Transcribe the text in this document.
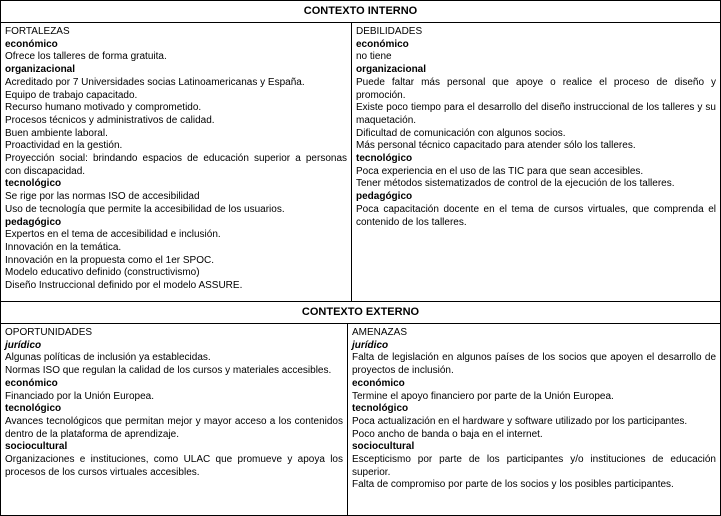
CONTEXTO INTERNO

FORTALEZAS

económico

Ofrece los talleres de forma gratuita.

organizacional

Acreditado por 7 Universidades socias Latinoamericanas y España.

Equipo de trabajo capacitado.

Recurso humano motivado y comprometido.

Procesos técnicos y administrativos de calidad.

Buen ambiente laboral.

Proactividad en la gestión.

Proyección social: brindando espacios de educación superior a personas con discapacidad.

tecnológico

Se rige por las normas ISO de accesibilidad

Uso de tecnología que permite la accesibilidad de los usuarios.

pedagógico

Expertos en el tema de accesibilidad e inclusión.

Innovación en la temática.

Innovación en la propuesta como el 1er SPOC.

Modelo educativo definido (constructivismo)

Diseño Instruccional definido por el modelo ASSURE.

DEBILIDADES

económico

no tiene

organizacional

Puede faltar más personal que apoye o realice el proceso de diseño y promoción.

Existe poco tiempo para el desarrollo del diseño instruccional de los talleres y su maquetación.

Dificultad de comunicación con algunos socios.

Más personal técnico capacitado para atender sólo los talleres.

tecnológico

Poca experiencia en el uso de las TIC para que sean accesibles.

Tener métodos sistematizados de control de la ejecución de los talleres.

pedagógico

Poca capacitación docente en el tema de cursos virtuales, que comprenda el contenido de los talleres.

CONTEXTO EXTERNO

OPORTUNIDADES

jurídico

Algunas políticas de inclusión ya establecidas.

Normas ISO que regulan la calidad de los cursos y materiales accesibles.

económico

Financiado por la Unión Europea.

tecnológico

Avances tecnológicos que permitan mejor y mayor acceso a los contenidos dentro de la plataforma de aprendizaje.

sociocultural

Organizaciones e instituciones, como ULAC que promueve y apoya los procesos de los cursos virtuales accesibles.

AMENAZAS

jurídico

Falta de legislación en algunos países de los socios que apoyen el desarrollo de proyectos de inclusión.

económico

Termine el apoyo financiero por parte de la Unión Europea.

tecnológico

Poca actualización en el hardware y software utilizado por los participantes.

Poco ancho de banda o baja en el internet.

sociocultural

Escepticismo por parte de los participantes y/o instituciones de educación superior.

Falta de compromiso por parte de los socios y los posibles participantes.
